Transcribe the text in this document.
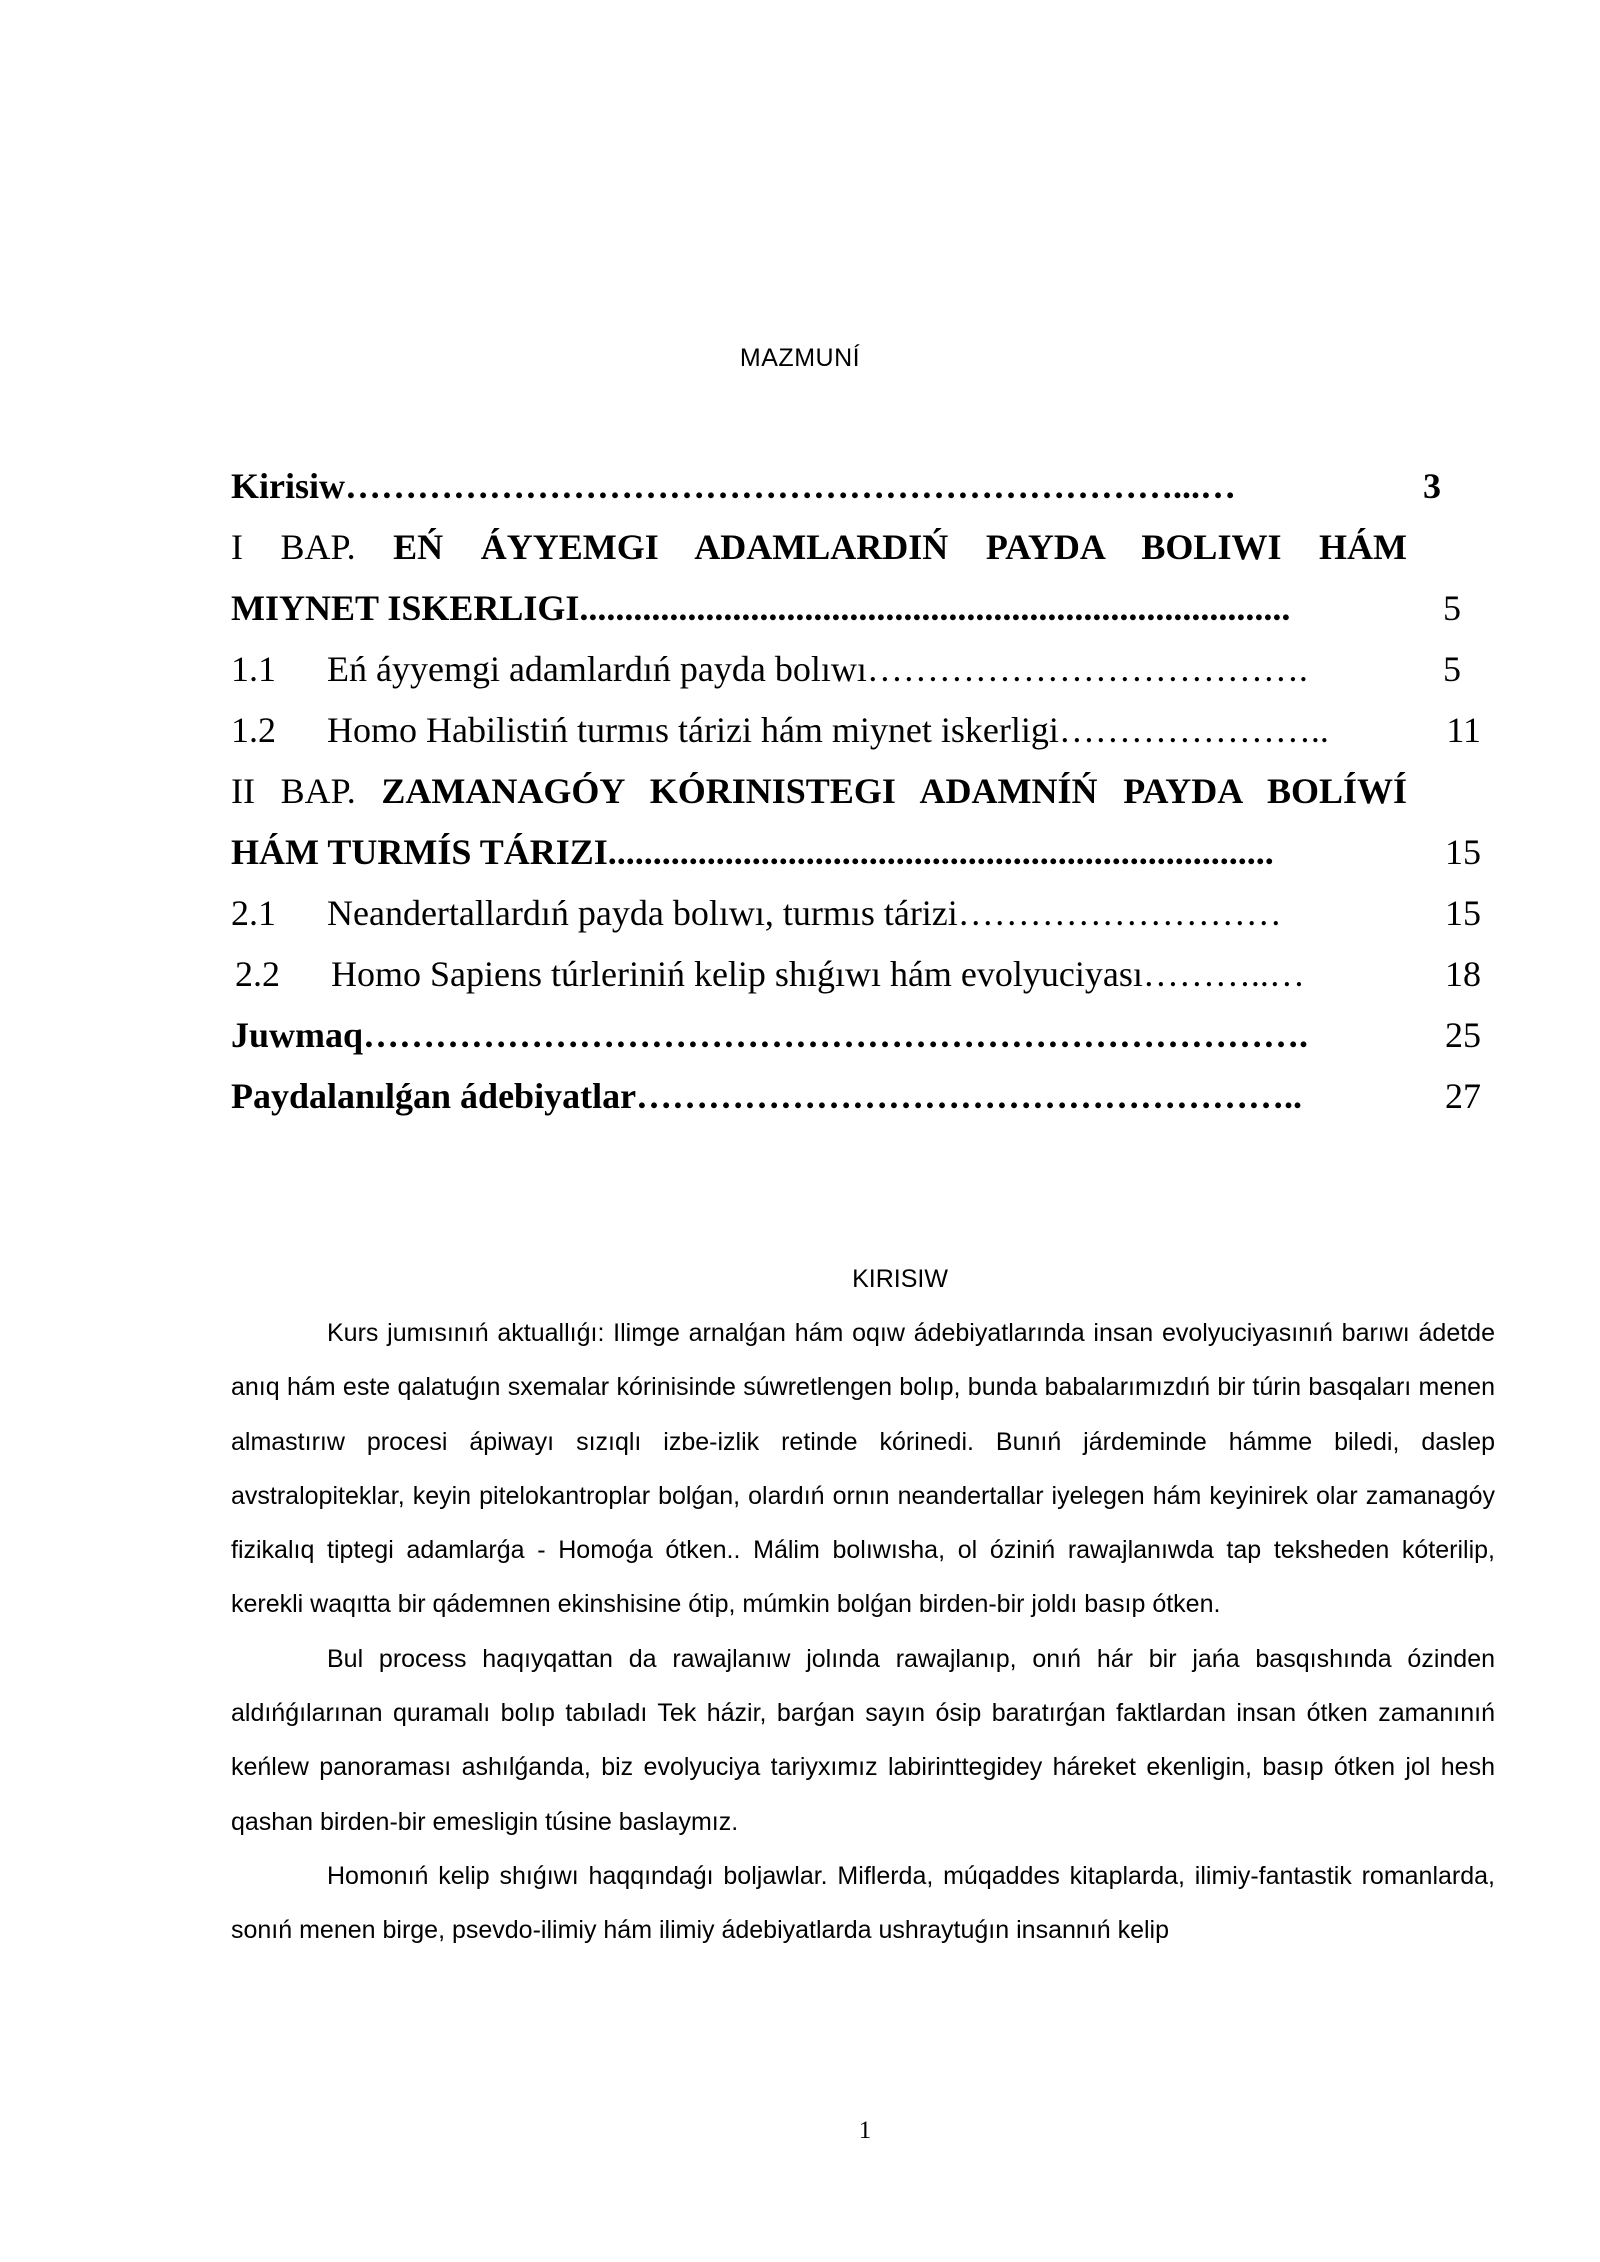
MAZMUNÍ
Kirisiw……………………………………………………………...…	3
I BAP. EŃ ÁYYEMGI ADAMLARDIŃ PAYDA BOLIWI HÁM
MIYNET ISKERLIGI...............................................................................	5
1.1 Eń áyyemgi adamlardıń payda bolıwı……………………………….	5
1.2 Homo Habilistiń turmıs tárizi hám miynet iskerligi…………………..	11
II BAP. ZAMANAGÓY KÓRINISTEGI ADAMNÍŃ PAYDA BOLÍWÍ
HÁM TURMÍS TÁRIZI..........................................................................	15
2.1 Neandertallardıń payda bolıwı, turmıs tárizi………………………	15
2.2 Homo Sapiens túrleriniń kelip shıǵıwı hám evolyuciyası………..…	18
Juwmaq…………………………………………………………………….	25
Paydalanılǵan ádebiyatlar………………………………………………..	27
KIRISIW

Kurs jumısınıń aktuallıǵı: Ilimge arnalǵan hám oqıw ádebiyatlarında insan evolyuciyasınıń barıwı ádetde anıq hám este qalatuǵın sxemalar kórinisinde súwretlengen bolıp, bunda babalarımızdıń bir túrin basqaları menen almastırıw procesi ápiwayı sızıqlı izbe-izlik retinde kórinedi. Bunıń járdeminde hámme biledi, daslep avstralopiteklar, keyin pitelokantroplar bolǵan, olardıń ornın neandertallar iyelegen hám keyinirek olar zamanagóy fizikalıq tiptegi adamlarǵa - Homoǵa ótken.. Málim bolıwısha, ol óziniń rawajlanıwda tap teksheden kóterilip, kerekli waqıtta bir qádemnen ekinshisine ótip, múmkin bolǵan birden-bir joldı basıp ótken.

Bul process haqıyqattan da rawajlanıw jolında rawajlanıp, onıń hár bir jańa basqıshında ózinden aldıńǵılarınan quramalı bolıp tabıladı Tek házir, barǵan sayın ósip baratırǵan faktlardan insan ótken zamanınıń keńlew panoraması ashılǵanda, biz evolyuciya tariyxımız labirinttegidey háreket ekenligin, basıp ótken jol hesh qashan birden-bir emesligin túsine baslaymız.

Homonıń kelip shıǵıwı haqqındaǵı boljawlar. Miflerda, múqaddes kitaplarda, ilimiy-fantastik romanlarda, sonıń menen birge, psevdo-ilimiy hám ilimiy ádebiyatlarda ushraytuǵın insannıń kelip

1
